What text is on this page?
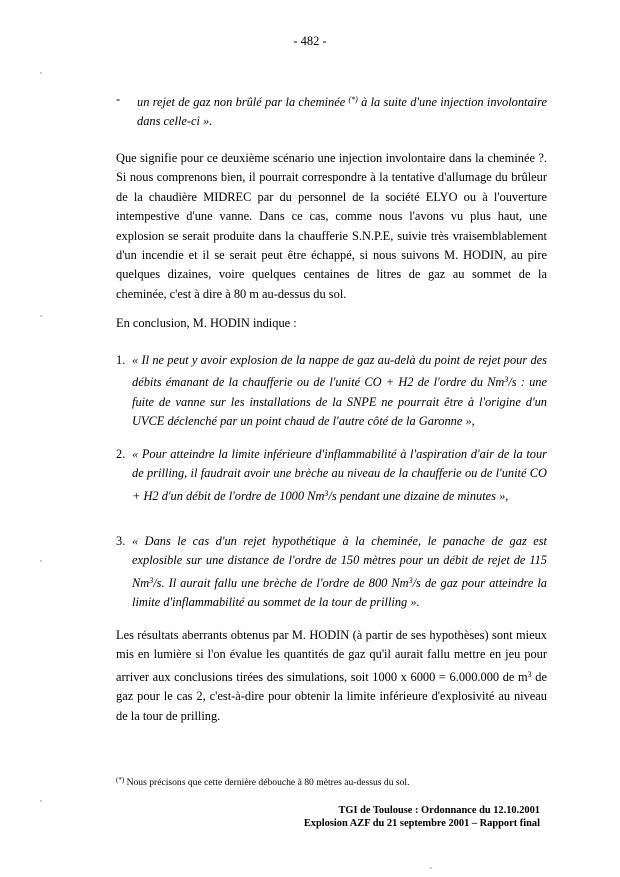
- 482 -
- un rejet de gaz non brûlé par la cheminée (*) à la suite d'une injection involontaire dans celle-ci ».

Que signifie pour ce deuxième scénario une injection involontaire dans la cheminée ?. Si nous comprenons bien, il pourrait correspondre à la tentative d'allumage du brûleur de la chaudière MIDREC par du personnel de la société ELYO ou à l'ouverture intempestive d'une vanne. Dans ce cas, comme nous l'avons vu plus haut, une explosion se serait produite dans la chaufferie S.N.P.E, suivie très vraisemblablement d'un incendie et il se serait peut être échappé, si nous suivons M. HODIN, au pire quelques dizaines, voire quelques centaines de litres de gaz au sommet de la cheminée, c'est à dire à 80 m au-dessus du sol.

En conclusion, M. HODIN indique :

1. « Il ne peut y avoir explosion de la nappe de gaz au-delà du point de rejet pour des débits émanant de la chaufferie ou de l'unité CO + H2 de l'ordre du Nm$^3$/s : une fuite de vanne sur les installations de la SNPE ne pourrait être à l'origine d'un UVCE déclenché par un point chaud de l'autre côté de la Garonne »,
2. « Pour atteindre la limite inférieure d'inflammabilité à l'aspiration d'air de la tour de prilling, il faudrait avoir une brèche au niveau de la chaufferie ou de l'unité CO + H2 d'un débit de l'ordre de 1000 Nm$^3$/s pendant une dizaine de minutes »,
3. « Dans le cas d'un rejet hypothétique à la cheminée, le panache de gaz est explosible sur une distance de l'ordre de 150 mètres pour un débit de rejet de 115 Nm$^3$/s. Il aurait fallu une brèche de l'ordre de 800 Nm$^3$/s de gaz pour atteindre la limite d'inflammabilité au sommet de la tour de prilling ».

Les résultats aberrants obtenus par M. HODIN (à partir de ses hypothèses) sont mieux mis en lumière si l'on évalue les quantités de gaz qu'il aurait fallu mettre en jeu pour arriver aux conclusions tirées des simulations, soit 1000 x 6000 = 6.000.000 de $m^3$ de gaz pour le cas 2, c'est-à-dire pour obtenir la limite inférieure d'explosivité au niveau de la tour de prilling.

(*) Nous précisons que cette dernière débouche à 80 mètres au-dessus du sol.
TGI de Toulouse : Ordonnance du 12.10.2001
Explosion AZF du 21 septembre 2001 – Rapport final
